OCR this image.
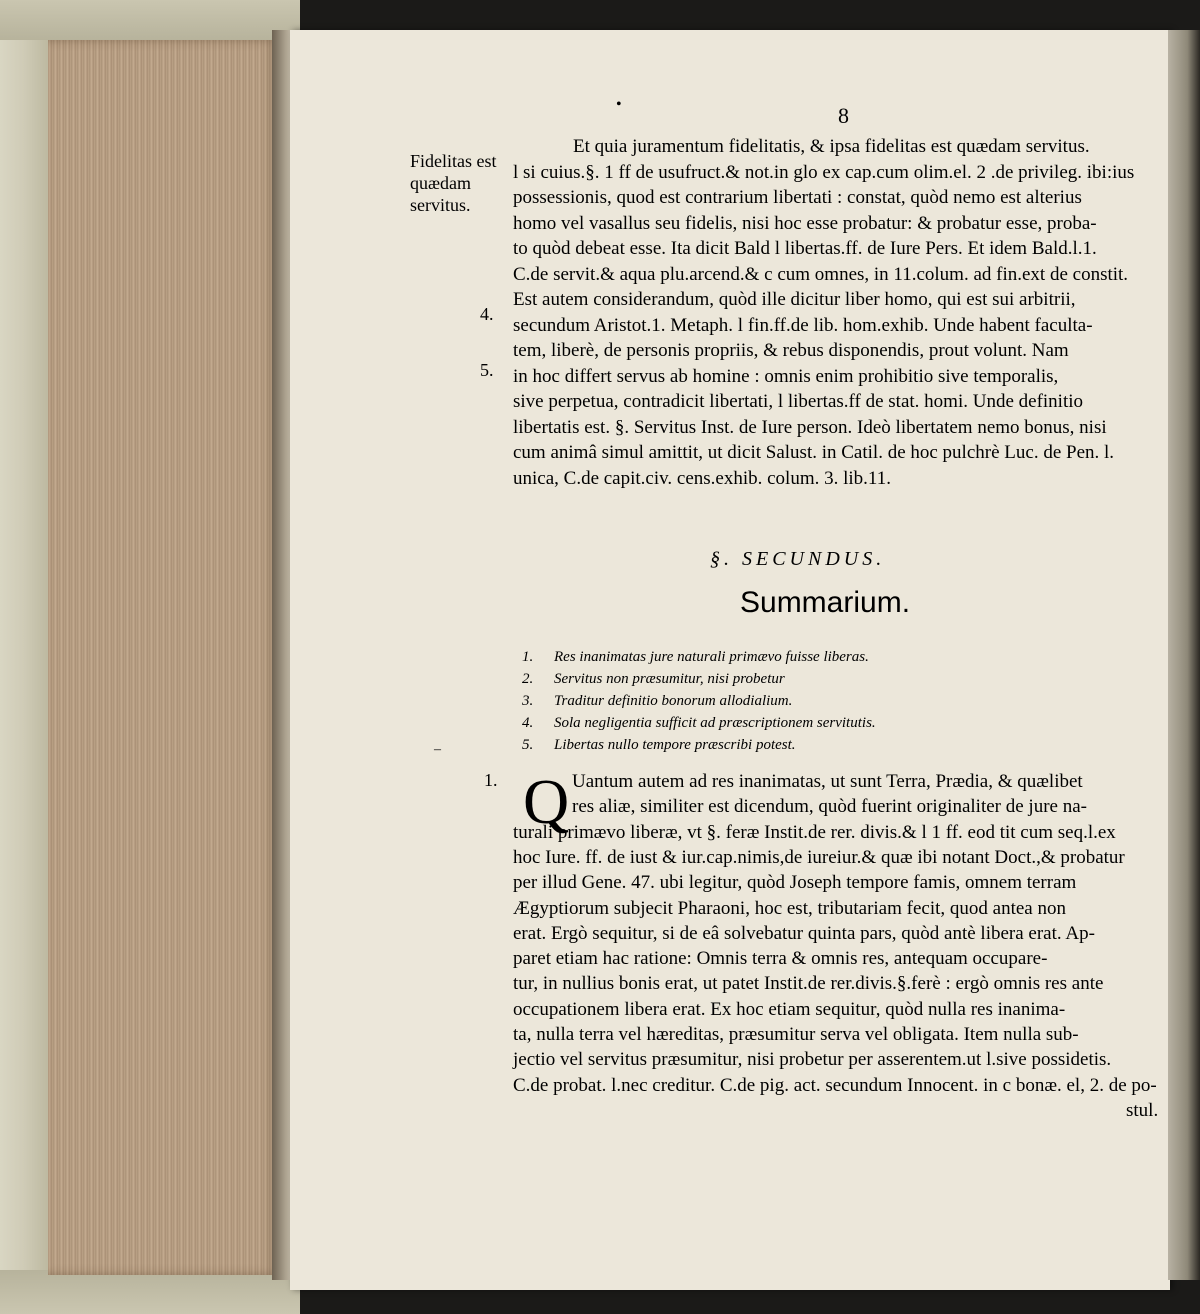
•	8
Fidelitas est
quædam
servitus.
4.
5.
1.
Et quia juramentum fidelitatis, & ipsa fidelitas est quædam servitus.
l si cuius.§. 1 ff de usufruct.& not.in glo ex cap.cum olim.el. 2 .de privileg. ibi:ius
possessionis, quod est contrarium libertati : constat, quòd nemo est alterius
homo vel vasallus seu fidelis, nisi hoc esse probatur: & probatur esse, proba-
to quòd debeat esse. Ita dicit Bald l libertas.ff. de Iure Pers. Et idem Bald.l.1.
C.de servit.& aqua plu.arcend.& c cum omnes, in 11.colum. ad fin.ext de constit.
Est autem considerandum, quòd ille dicitur liber homo, qui est sui arbitrii,
secundum Aristot.1. Metaph. l fin.ff.de lib. hom.exhib. Unde habent faculta-
tem, liberè, de personis propriis, & rebus disponendis, prout volunt. Nam
in hoc differt servus ab homine : omnis enim prohibitio sive temporalis,
sive perpetua, contradicit libertati, l libertas.ff de stat. homi. Unde definitio
libertatis est. §. Servitus Inst. de Iure person. Ideò libertatem nemo bonus, nisi
cum animâ simul amittit, ut dicit Salust. in Catil. de hoc pulchrè Luc. de Pen. l.
unica, C.de capit.civ. cens.exhib. colum. 3. lib.11.
§. SECUNDUS.
Summarium.
1. Res inanimatas jure naturali primævo fuisse liberas.
2. Servitus non præsumitur, nisi probetur
3. Traditur definitio bonorum allodialium.
4. Sola negligentia sufficit ad præscriptionem servitutis.
5. Libertas nullo tempore præscribi potest.
Q Uantum autem ad res inanimatas, ut sunt Terra, Prædia, & quælibet
res aliæ, similiter est dicendum, quòd fuerint originaliter de jure na-
turali primævo liberæ, vt §. feræ Instit.de rer. divis.& l 1 ff. eod tit cum seq.l.ex
hoc Iure. ff. de iust & iur.cap.nimis,de iureiur.& quæ ibi notant Doct.,& probatur
per illud Gene. 47. ubi legitur, quòd Joseph tempore famis, omnem terram
Ægyptiorum subjecit Pharaoni, hoc est, tributariam fecit, quod antea non
erat. Ergò sequitur, si de eâ solvebatur quinta pars, quòd antè libera erat. Ap-
paret etiam hac ratione: Omnis terra & omnis res, antequam occupare-
tur, in nullius bonis erat, ut patet Instit.de rer.divis.§.ferè : ergò omnis res ante
occupationem libera erat. Ex hoc etiam sequitur, quòd nulla res inanima-
ta, nulla terra vel hæreditas, præsumitur serva vel obligata. Item nulla sub-
jectio vel servitus præsumitur, nisi probetur per asserentem.ut l.sive possidetis.
C.de probat. l.nec creditur. C.de pig. act. secundum Innocent. in c bonæ. el, 2. de po-
stul.
–
